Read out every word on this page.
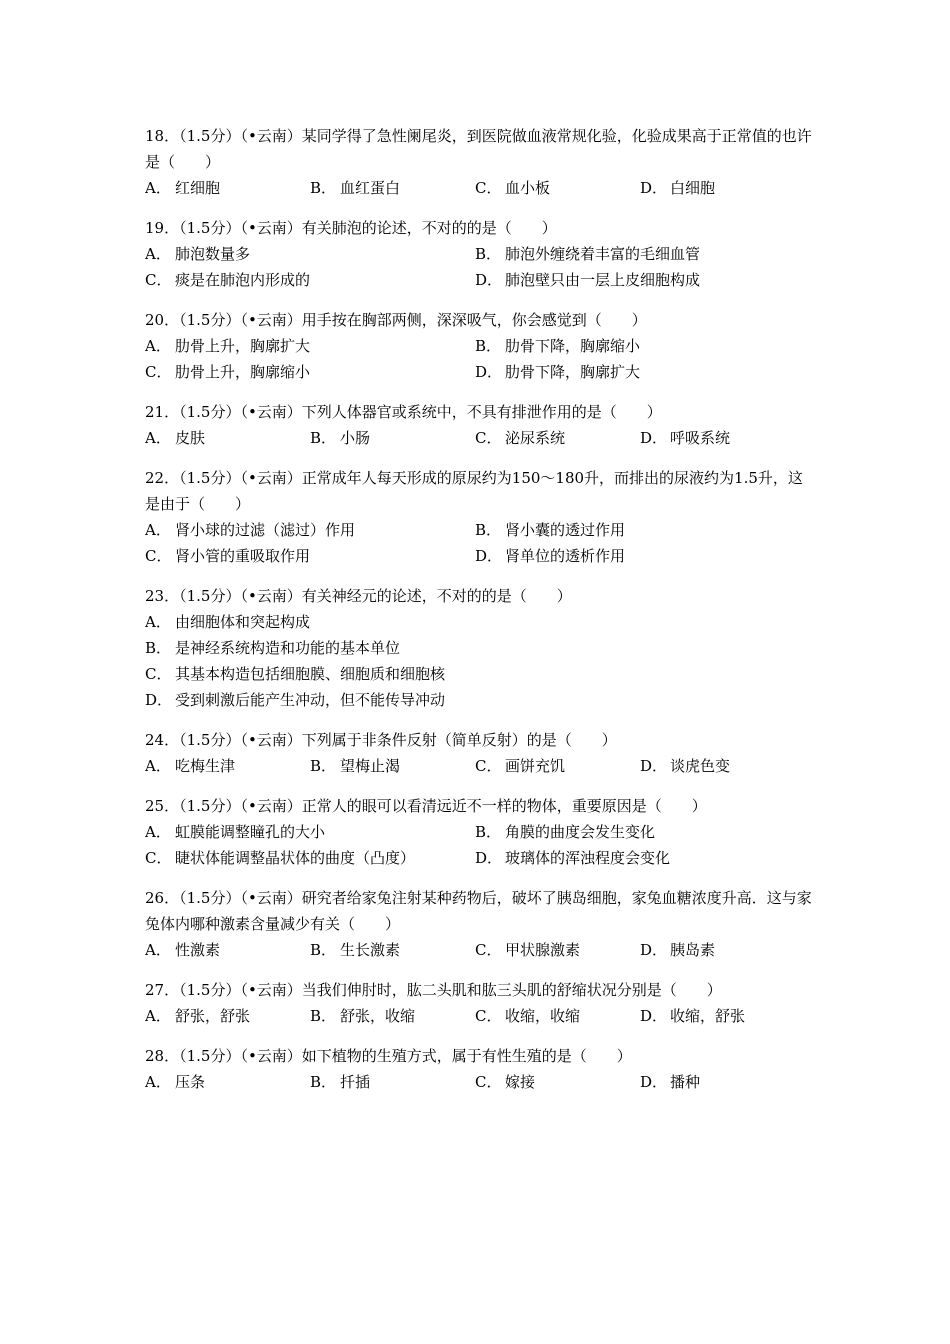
18．（1.5分）（•云南）某同学得了急性阑尾炎，到医院做血液常规化验，化验成果高于正常值的也许是（　　）

A． 红细胞	B． 血红蛋白	C． 血小板	D． 白细胞

19．（1.5分）（•云南）有关肺泡的论述，不对的的是（　　）

A． 肺泡数量多	B． 肺泡外缠绕着丰富的毛细血管
C． 痰是在肺泡内形成的	D． 肺泡壁只由一层上皮细胞构成

20．（1.5分）（•云南）用手按在胸部两侧，深深吸气，你会感觉到（　　）

A． 肋骨上升，胸廓扩大	B． 肋骨下降，胸廓缩小
C． 肋骨上升，胸廓缩小	D． 肋骨下降，胸廓扩大

21．（1.5分）（•云南）下列人体器官或系统中，不具有排泄作用的是（　　）

A． 皮肤	B． 小肠	C． 泌尿系统	D． 呼吸系统

22．（1.5分）（•云南）正常成年人每天形成的原尿约为150～180升，而排出的尿液约为1.5升，这是由于（　　）

A． 肾小球的过滤（滤过）作用	B． 肾小囊的透过作用
C． 肾小管的重吸取作用	D． 肾单位的透析作用

23．（1.5分）（•云南）有关神经元的论述，不对的的是（　　）

A． 由细胞体和突起构成
B． 是神经系统构造和功能的基本单位
C． 其基本构造包括细胞膜、细胞质和细胞核
D． 受到刺激后能产生冲动，但不能传导冲动

24．（1.5分）（•云南）下列属于非条件反射（简单反射）的是（　　）

A． 吃梅生津	B． 望梅止渴	C． 画饼充饥	D． 谈虎色变

25．（1.5分）（•云南）正常人的眼可以看清远近不一样的物体，重要原因是（　　）

A． 虹膜能调整瞳孔的大小	B． 角膜的曲度会发生变化
C． 睫状体能调整晶状体的曲度（凸度）	D． 玻璃体的浑浊程度会变化

26．（1.5分）（•云南）研究者给家兔注射某种药物后，破坏了胰岛细胞，家兔血糖浓度升高．这与家兔体内哪种激素含量减少有关（　　）

A． 性激素	B． 生长激素	C． 甲状腺激素	D． 胰岛素

27．（1.5分）（•云南）当我们伸肘时，肱二头肌和肱三头肌的舒缩状况分别是（　　）

A． 舒张，舒张	B． 舒张，收缩	C． 收缩，收缩	D． 收缩，舒张

28．（1.5分）（•云南）如下植物的生殖方式，属于有性生殖的是（　　）

A． 压条	B． 扦插	C． 嫁接	D． 播种
